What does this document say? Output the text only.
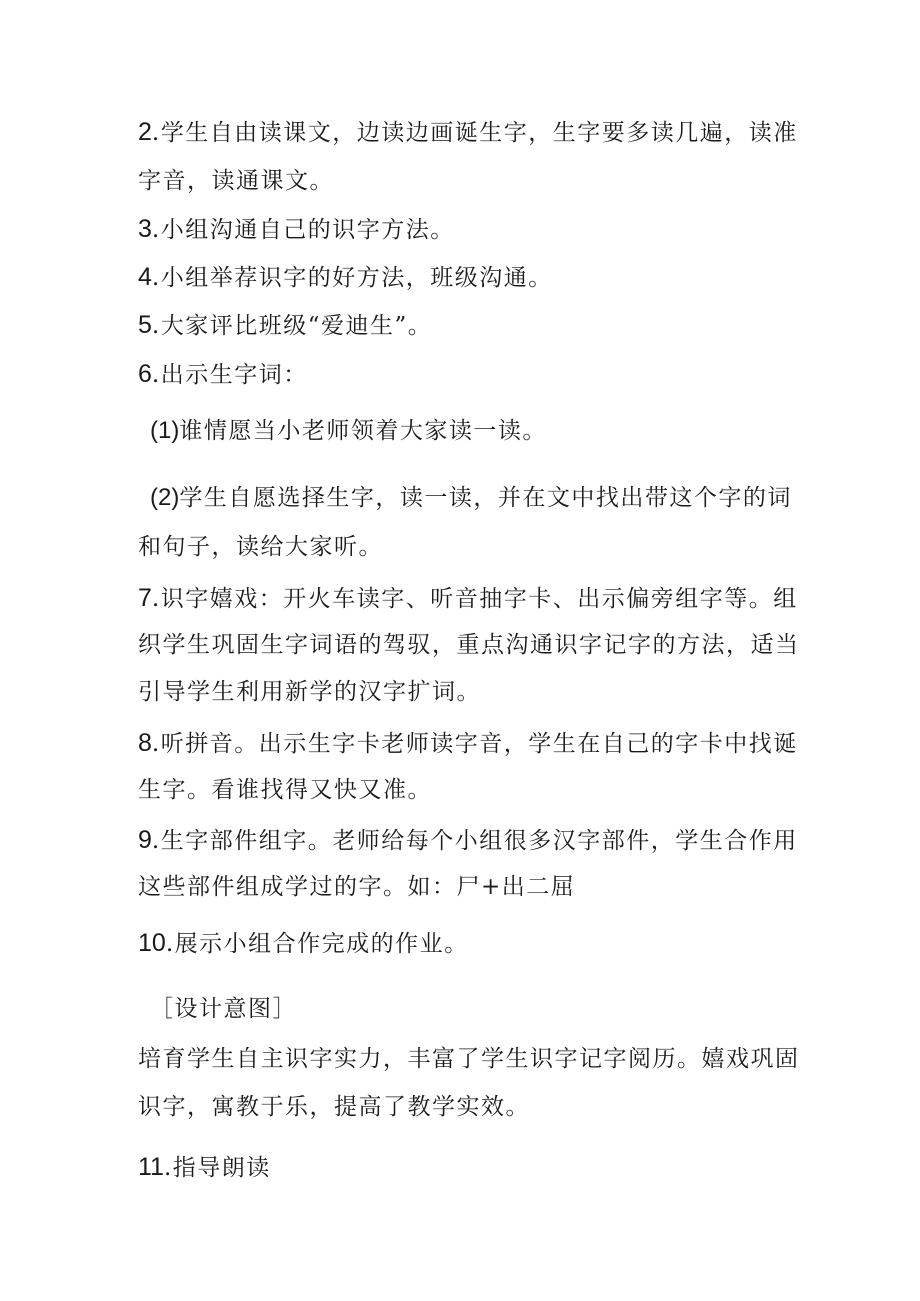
2.学生自由读课文，边读边画诞生字，生字要多读几遍，读准
字音，读通课文。
3.小组沟通自己的识字方法。
4.小组举荐识字的好方法，班级沟通。
5.大家评比班级“爱迪生”。
6.出示生字词：
(1)谁情愿当小老师领着大家读一读。
(2)学生自愿选择生字，读一读，并在文中找出带这个字的词
和句子，读给大家听。
7.识字嬉戏：开火车读字、听音抽字卡、出示偏旁组字等。组
织学生巩固生字词语的驾驭，重点沟通识字记字的方法，适当
引导学生利用新学的汉字扩词。
8.听拼音。出示生字卡老师读字音，学生在自己的字卡中找诞
生字。看谁找得又快又准。
9.生字部件组字。老师给每个小组很多汉字部件，学生合作用
这些部件组成学过的字。如：尸+出二屈
10.展示小组合作完成的作业。
［设计意图］
培育学生自主识字实力，丰富了学生识字记字阅历。嬉戏巩固
识字，寓教于乐，提高了教学实效。
11.指导朗读
